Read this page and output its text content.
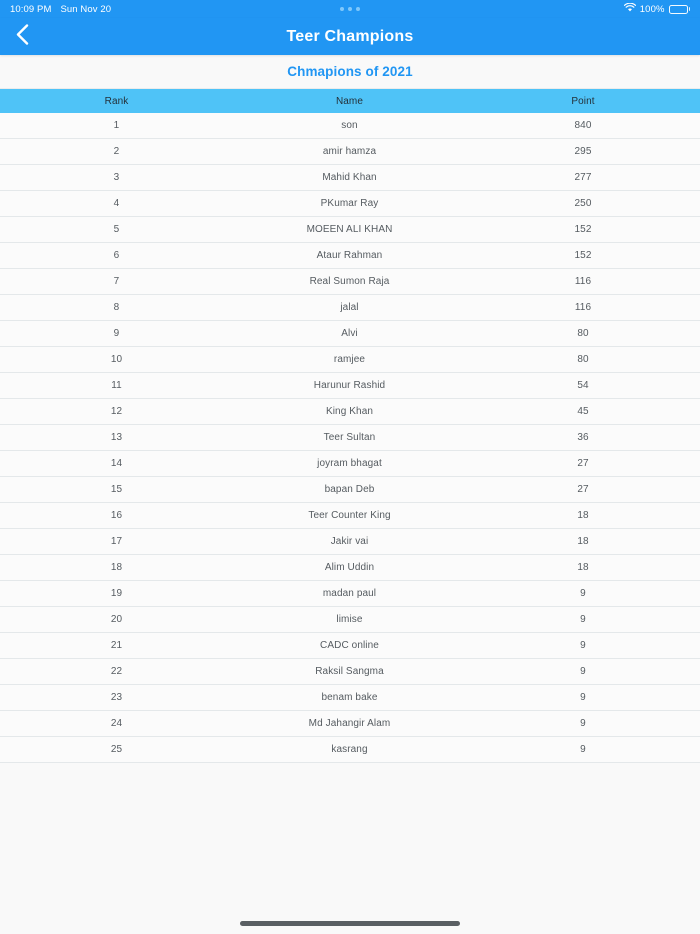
10:09 PM Sun Nov 20	100%
Teer Champions
Chmapions of 2021
Rank	Name	Point
1	son	840
2	amir hamza	295
3	Mahid Khan	277
4	PKumar Ray	250
5	MOEEN ALI KHAN	152
6	Ataur Rahman	152
7	Real Sumon Raja	116
8	jalal	116
9	Alvi	80
10	ramjee	80
11	Harunur Rashid	54
12	King Khan	45
13	Teer Sultan	36
14	joyram bhagat	27
15	bapan Deb	27
16	Teer Counter King	18
17	Jakir vai	18
18	Alim Uddin	18
19	madan paul	9
20	limise	9
21	CADC online	9
22	Raksil Sangma	9
23	benam bake	9
24	Md Jahangir Alam	9
25	kasrang	9
